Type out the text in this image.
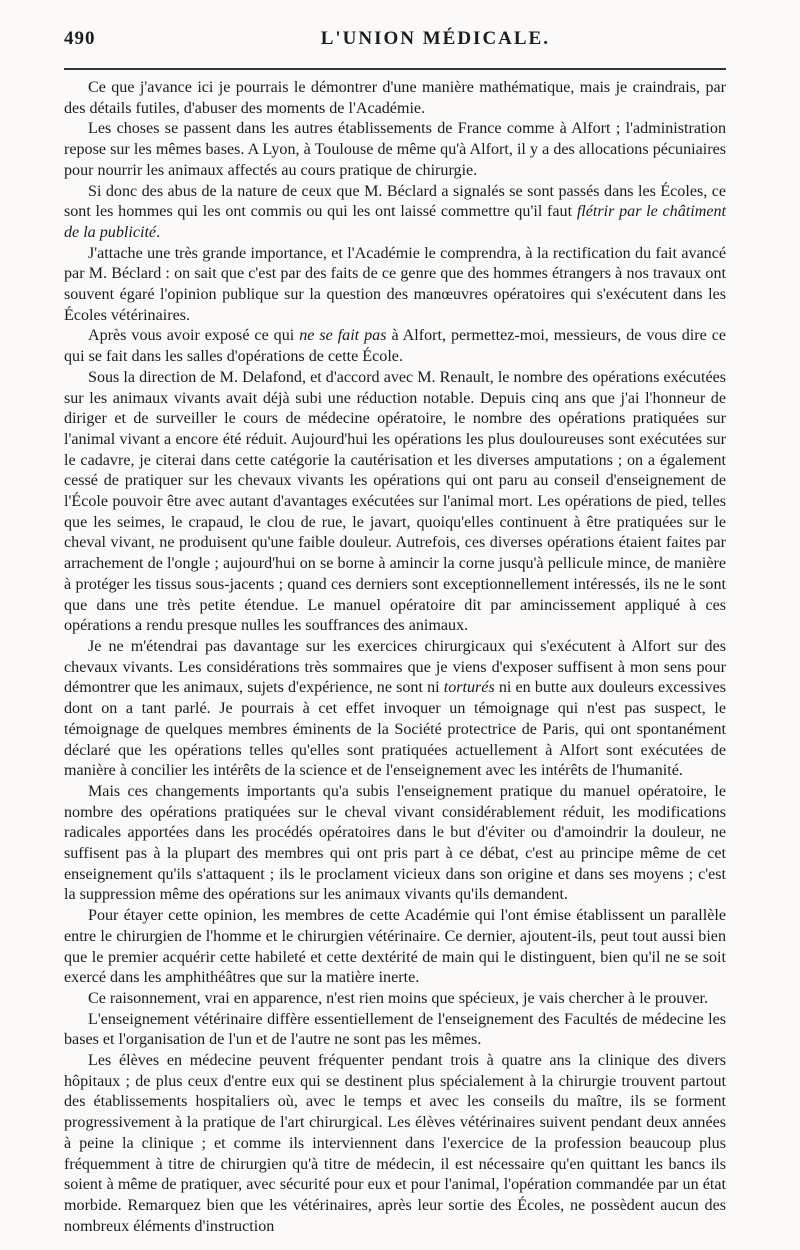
490	L'UNION MÉDICALE.

Ce que j'avance ici je pourrais le démontrer d'une manière mathématique, mais je craindrais, par des détails futiles, d'abuser des moments de l'Académie.

Les choses se passent dans les autres établissements de France comme à Alfort ; l'administration repose sur les mêmes bases. A Lyon, à Toulouse de même qu'à Alfort, il y a des allocations pécuniaires pour nourrir les animaux affectés au cours pratique de chirurgie.

Si donc des abus de la nature de ceux que M. Béclard a signalés se sont passés dans les Écoles, ce sont les hommes qui les ont commis ou qui les ont laissé commettre qu'il faut flétrir par le châtiment de la publicité.

J'attache une très grande importance, et l'Académie le comprendra, à la rectification du fait avancé par M. Béclard : on sait que c'est par des faits de ce genre que des hommes étrangers à nos travaux ont souvent égaré l'opinion publique sur la question des manœuvres opératoires qui s'exécutent dans les Écoles vétérinaires.

Après vous avoir exposé ce qui ne se fait pas à Alfort, permettez-moi, messieurs, de vous dire ce qui se fait dans les salles d'opérations de cette École.

Sous la direction de M. Delafond, et d'accord avec M. Renault, le nombre des opérations exécutées sur les animaux vivants avait déjà subi une réduction notable. Depuis cinq ans que j'ai l'honneur de diriger et de surveiller le cours de médecine opératoire, le nombre des opérations pratiquées sur l'animal vivant a encore été réduit. Aujourd'hui les opérations les plus douloureuses sont exécutées sur le cadavre, je citerai dans cette catégorie la cautérisation et les diverses amputations ; on a également cessé de pratiquer sur les chevaux vivants les opérations qui ont paru au conseil d'enseignement de l'École pouvoir être avec autant d'avantages exécutées sur l'animal mort. Les opérations de pied, telles que les seimes, le crapaud, le clou de rue, le javart, quoiqu'elles continuent à être pratiquées sur le cheval vivant, ne produisent qu'une faible douleur. Autrefois, ces diverses opérations étaient faites par arrachement de l'ongle ; aujourd'hui on se borne à amincir la corne jusqu'à pellicule mince, de manière à protéger les tissus sous-jacents ; quand ces derniers sont exceptionnellement intéressés, ils ne le sont que dans une très petite étendue. Le manuel opératoire dit par amincissement appliqué à ces opérations a rendu presque nulles les souffrances des animaux.

Je ne m'étendrai pas davantage sur les exercices chirurgicaux qui s'exécutent à Alfort sur des chevaux vivants. Les considérations très sommaires que je viens d'exposer suffisent à mon sens pour démontrer que les animaux, sujets d'expérience, ne sont ni torturés ni en butte aux douleurs excessives dont on a tant parlé. Je pourrais à cet effet invoquer un témoignage qui n'est pas suspect, le témoignage de quelques membres éminents de la Société protectrice de Paris, qui ont spontanément déclaré que les opérations telles qu'elles sont pratiquées actuellement à Alfort sont exécutées de manière à concilier les intérêts de la science et de l'enseignement avec les intérêts de l'humanité.

Mais ces changements importants qu'a subis l'enseignement pratique du manuel opératoire, le nombre des opérations pratiquées sur le cheval vivant considérablement réduit, les modifications radicales apportées dans les procédés opératoires dans le but d'éviter ou d'amoindrir la douleur, ne suffisent pas à la plupart des membres qui ont pris part à ce débat, c'est au principe même de cet enseignement qu'ils s'attaquent ; ils le proclament vicieux dans son origine et dans ses moyens ; c'est la suppression même des opérations sur les animaux vivants qu'ils demandent.

Pour étayer cette opinion, les membres de cette Académie qui l'ont émise établissent un parallèle entre le chirurgien de l'homme et le chirurgien vétérinaire. Ce dernier, ajoutent-ils, peut tout aussi bien que le premier acquérir cette habileté et cette dextérité de main qui le distinguent, bien qu'il ne se soit exercé dans les amphithéâtres que sur la matière inerte.

Ce raisonnement, vrai en apparence, n'est rien moins que spécieux, je vais chercher à le prouver.

L'enseignement vétérinaire diffère essentiellement de l'enseignement des Facultés de médecine les bases et l'organisation de l'un et de l'autre ne sont pas les mêmes.

Les élèves en médecine peuvent fréquenter pendant trois à quatre ans la clinique des divers hôpitaux ; de plus ceux d'entre eux qui se destinent plus spécialement à la chirurgie trouvent partout des établissements hospitaliers où, avec le temps et avec les conseils du maître, ils se forment progressivement à la pratique de l'art chirurgical. Les élèves vétérinaires suivent pendant deux années à peine la clinique ; et comme ils interviennent dans l'exercice de la profession beaucoup plus fréquemment à titre de chirurgien qu'à titre de médecin, il est nécessaire qu'en quittant les bancs ils soient à même de pratiquer, avec sécurité pour eux et pour l'animal, l'opération commandée par un état morbide. Remarquez bien que les vétérinaires, après leur sortie des Écoles, ne possèdent aucun des nombreux éléments d'instruction
